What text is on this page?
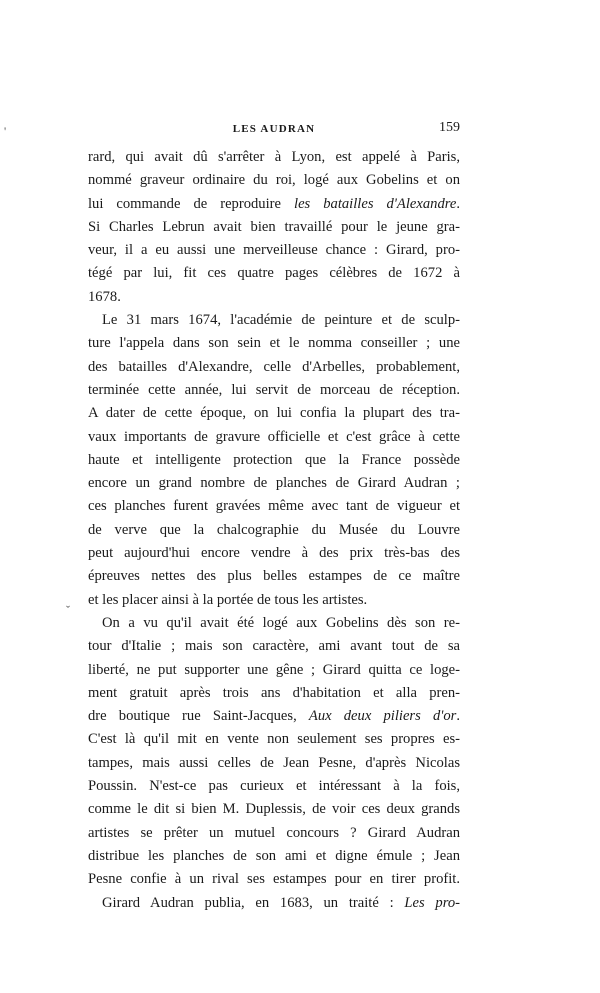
LES AUDRAN	159
rard, qui avait dû s'arrêter à Lyon, est appelé à Paris,
nommé graveur ordinaire du roi, logé aux Gobelins et on
lui commande de reproduire les batailles d'Alexandre.
Si Charles Lebrun avait bien travaillé pour le jeune gra-
veur, il a eu aussi une merveilleuse chance : Girard, pro-
tégé par lui, fit ces quatre pages célèbres de 1672 à
1678.
Le 31 mars 1674, l'académie de peinture et de sculp-
ture l'appela dans son sein et le nomma conseiller ; une
des batailles d'Alexandre, celle d'Arbelles, probablement,
terminée cette année, lui servit de morceau de réception.
A dater de cette époque, on lui confia la plupart des tra-
vaux importants de gravure officielle et c'est grâce à cette
haute et intelligente protection que la France possède
encore un grand nombre de planches de Girard Audran ;
ces planches furent gravées même avec tant de vigueur et
de verve que la chalcographie du Musée du Louvre
peut aujourd'hui encore vendre à des prix très-bas des
épreuves nettes des plus belles estampes de ce maître
et les placer ainsi à la portée de tous les artistes.
On a vu qu'il avait été logé aux Gobelins dès son re-
tour d'Italie ; mais son caractère, ami avant tout de sa
liberté, ne put supporter une gêne ; Girard quitta ce loge-
ment gratuit après trois ans d'habitation et alla pren-
dre boutique rue Saint-Jacques, Aux deux piliers d'or.
C'est là qu'il mit en vente non seulement ses propres es-
tampes, mais aussi celles de Jean Pesne, d'après Nicolas
Poussin. N'est-ce pas curieux et intéressant à la fois,
comme le dit si bien M. Duplessis, de voir ces deux grands
artistes se prêter un mutuel concours ? Girard Audran
distribue les planches de son ami et digne émule ; Jean
Pesne confie à un rival ses estampes pour en tirer profit.
Girard Audran publia, en 1683, un traité : Les pro-
'
ˇ
